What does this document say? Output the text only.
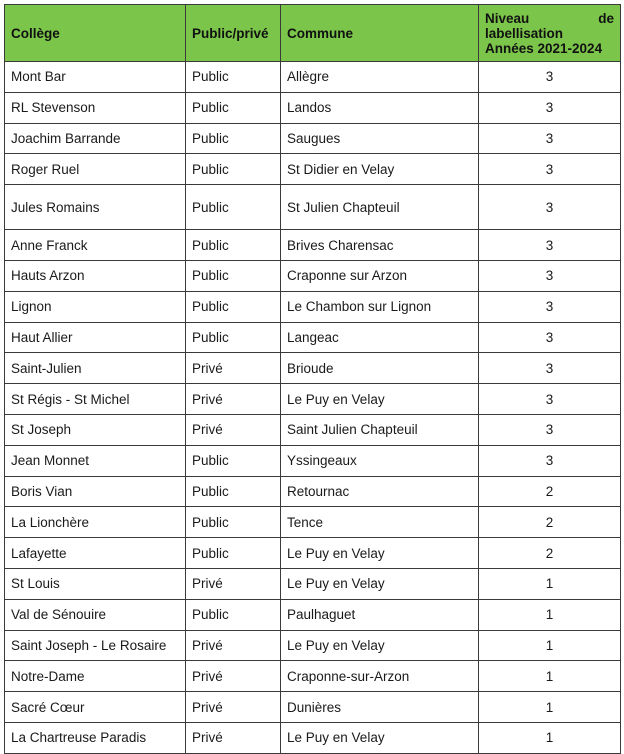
Collège	Public/privé	Commune	Niveau de
labellisation
Années 2021-2024

Mont Bar	Public	Allègre	3
RL Stevenson	Public	Landos	3
Joachim Barrande	Public	Saugues	3
Roger Ruel	Public	St Didier en Velay	3
Jules Romains	Public	St Julien Chapteuil	3
Anne Franck	Public	Brives Charensac	3
Hauts Arzon	Public	Craponne sur Arzon	3
Lignon	Public	Le Chambon sur Lignon	3
Haut Allier	Public	Langeac	3
Saint-Julien	Privé	Brioude	3
St Régis - St Michel	Privé	Le Puy en Velay	3
St Joseph	Privé	Saint Julien Chapteuil	3
Jean Monnet	Public	Yssingeaux	3
Boris Vian	Public	Retournac	2
La Lionchère	Public	Tence	2
Lafayette	Public	Le Puy en Velay	2
St Louis	Privé	Le Puy en Velay	1
Val de Sénouire	Public	Paulhaguet	1
Saint Joseph - Le Rosaire	Privé	Le Puy en Velay	1
Notre-Dame	Privé	Craponne-sur-Arzon	1
Sacré Cœur	Privé	Dunières	1
La Chartreuse Paradis	Privé	Le Puy en Velay	1
